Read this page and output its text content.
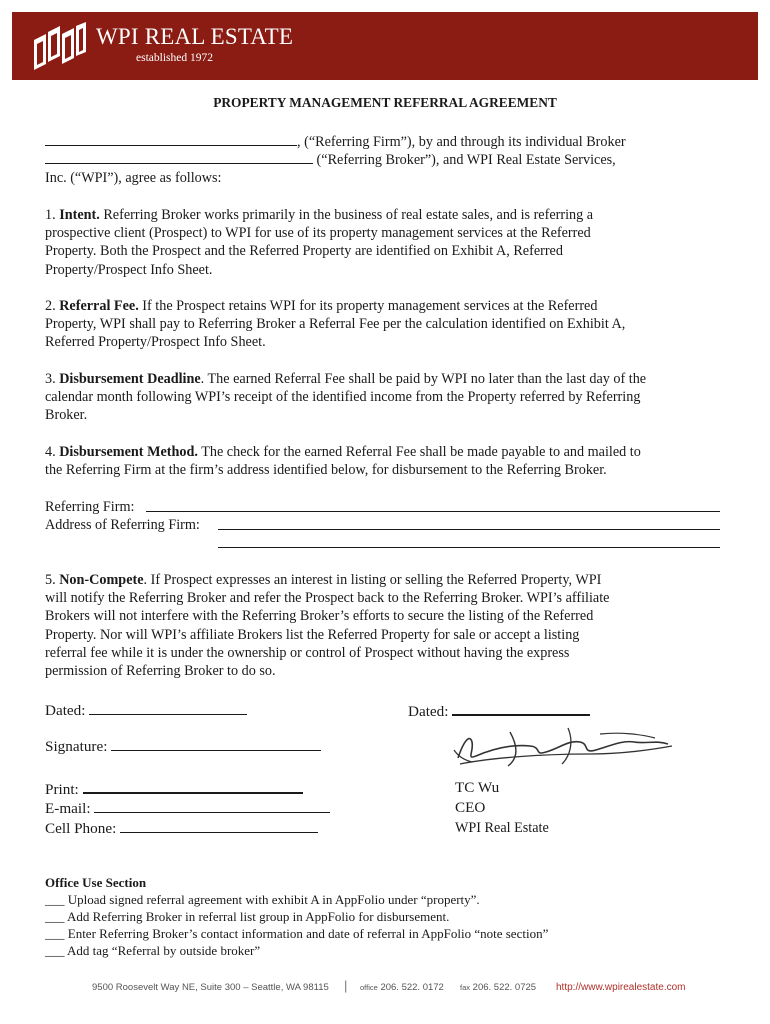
WPI REAL ESTATE
established 1972
PROPERTY MANAGEMENT REFERRAL AGREEMENT
, (“Referring Firm”), by and through its individual Broker
(“Referring Broker”), and WPI Real Estate Services,
Inc. (“WPI”), agree as follows:
1. Intent. Referring Broker works primarily in the business of real estate sales, and is referring a
prospective client (Prospect) to WPI for use of its property management services at the Referred
Property. Both the Prospect and the Referred Property are identified on Exhibit A, Referred
Property/Prospect Info Sheet.
2. Referral Fee. If the Prospect retains WPI for its property management services at the Referred
Property, WPI shall pay to Referring Broker a Referral Fee per the calculation identified on Exhibit A,
Referred Property/Prospect Info Sheet.
3. Disbursement Deadline. The earned Referral Fee shall be paid by WPI no later than the last day of the
calendar month following WPI’s receipt of the identified income from the Property referred by Referring
Broker.
4. Disbursement Method. The check for the earned Referral Fee shall be made payable to and mailed to
the Referring Firm at the firm’s address identified below, for disbursement to the Referring Broker.
Referring Firm:
Address of Referring Firm:
5. Non-Compete. If Prospect expresses an interest in listing or selling the Referred Property, WPI
will notify the Referring Broker and refer the Prospect back to the Referring Broker. WPI’s affiliate
Brokers will not interfere with the Referring Broker’s efforts to secure the listing of the Referred
Property. Nor will WPI’s affiliate Brokers list the Referred Property for sale or accept a listing
referral fee while it is under the ownership or control of Prospect without having the express
permission of Referring Broker to do so.
Dated:	Dated:
Signature:
Print:
E-mail:
Cell Phone:
TC Wu
CEO
WPI Real Estate
Office Use Section
___ Upload signed referral agreement with exhibit A in AppFolio under “property”.
___ Add Referring Broker in referral list group in AppFolio for disbursement.
___ Enter Referring Broker’s contact information and date of referral in AppFolio “note section”
___ Add tag “Referral by outside broker”
9500 Roosevelt Way NE, Suite 300 – Seattle, WA 98115 | office 206. 522. 0172 fax 206. 522. 0725 http://www.wpirealestate.com
